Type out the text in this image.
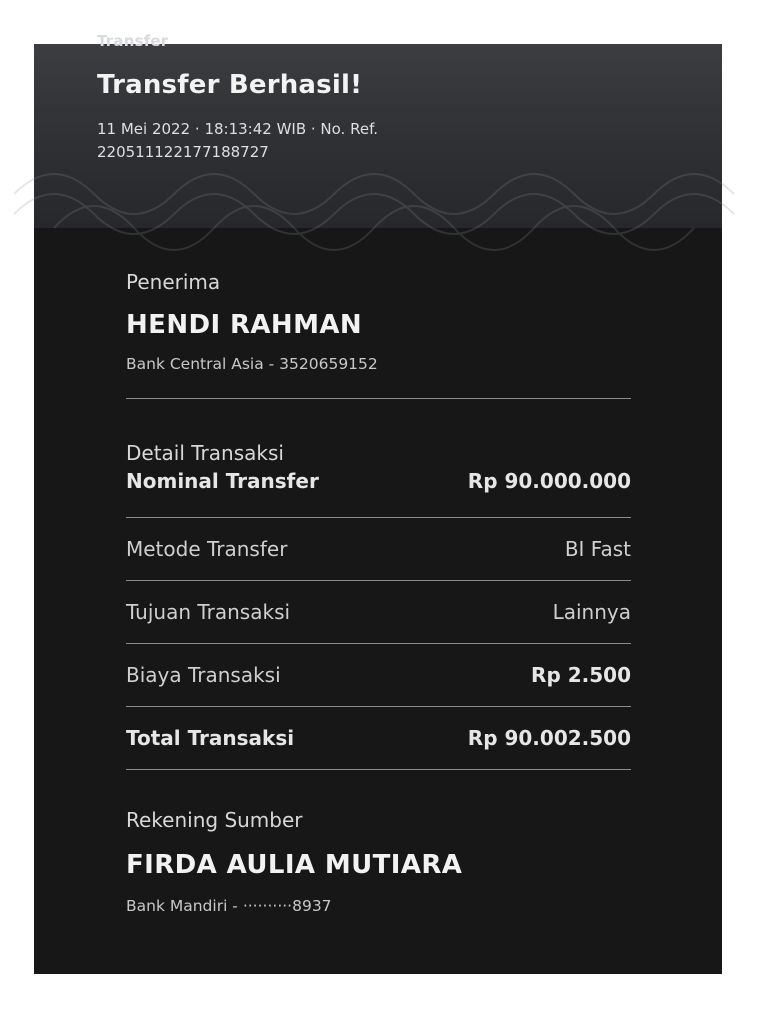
Transfer
Transfer Berhasil!
11 Mei 2022 · 18:13:42 WIB · No. Ref.
220511122177188727
Penerima
HENDI RAHMAN
Bank Central Asia - 3520659152
Detail Transaksi
Nominal Transfer	Rp 90.000.000
Metode Transfer	BI Fast
Tujuan Transaksi	Lainnya
Biaya Transaksi	Rp 2.500
Total Transaksi	Rp 90.002.500
Rekening Sumber
FIRDA AULIA MUTIARA
Bank Mandiri - ··········8937
